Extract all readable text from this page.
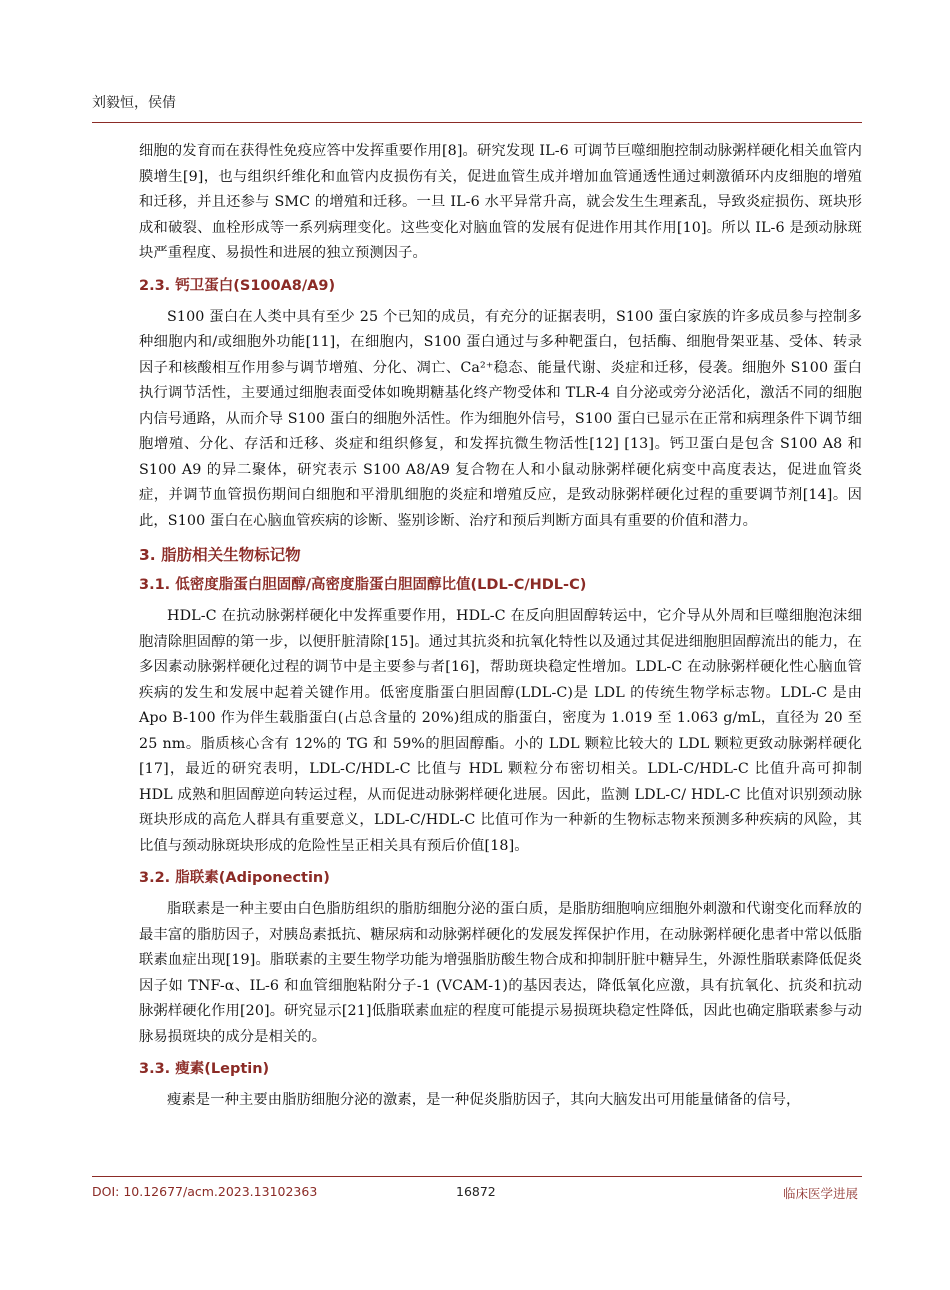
刘毅恒，侯倩

细胞的发育而在获得性免疫应答中发挥重要作用[8]。研究发现 IL-6 可调节巨噬细胞控制动脉粥样硬化相关血管内膜增生[9]，也与组织纤维化和血管内皮损伤有关，促进血管生成并增加血管通透性通过刺激循环内皮细胞的增殖和迁移，并且还参与 SMC 的增殖和迁移。一旦 IL-6 水平异常升高，就会发生生理紊乱，导致炎症损伤、斑块形成和破裂、血栓形成等一系列病理变化。这些变化对脑血管的发展有促进作用其作用[10]。所以 IL-6 是颈动脉斑块严重程度、易损性和进展的独立预测因子。

2.3. 钙卫蛋白(S100A8/A9)

S100 蛋白在人类中具有至少 25 个已知的成员，有充分的证据表明，S100 蛋白家族的许多成员参与控制多种细胞内和/或细胞外功能[11]，在细胞内，S100 蛋白通过与多种靶蛋白，包括酶、细胞骨架亚基、受体、转录因子和核酸相互作用参与调节增殖、分化、凋亡、Ca²⁺稳态、能量代谢、炎症和迁移，侵袭。细胞外 S100 蛋白执行调节活性，主要通过细胞表面受体如晚期糖基化终产物受体和 TLR-4 自分泌或旁分泌活化，激活不同的细胞内信号通路，从而介导 S100 蛋白的细胞外活性。作为细胞外信号，S100 蛋白已显示在正常和病理条件下调节细胞增殖、分化、存活和迁移、炎症和组织修复，和发挥抗微生物活性[12] [13]。钙卫蛋白是包含 S100 A8 和 S100 A9 的异二聚体，研究表示 S100 A8/A9 复合物在人和小鼠动脉粥样硬化病变中高度表达，促进血管炎症，并调节血管损伤期间白细胞和平滑肌细胞的炎症和增殖反应，是致动脉粥样硬化过程的重要调节剂[14]。因此，S100 蛋白在心脑血管疾病的诊断、鉴别诊断、治疗和预后判断方面具有重要的价值和潜力。

3. 脂肪相关生物标记物
3.1. 低密度脂蛋白胆固醇/高密度脂蛋白胆固醇比值(LDL-C/HDL-C)

HDL-C 在抗动脉粥样硬化中发挥重要作用，HDL-C 在反向胆固醇转运中，它介导从外周和巨噬细胞泡沫细胞清除胆固醇的第一步，以便肝脏清除[15]。通过其抗炎和抗氧化特性以及通过其促进细胞胆固醇流出的能力，在多因素动脉粥样硬化过程的调节中是主要参与者[16]，帮助斑块稳定性增加。LDL-C 在动脉粥样硬化性心脑血管疾病的发生和发展中起着关键作用。低密度脂蛋白胆固醇(LDL-C)是 LDL 的传统生物学标志物。LDL-C 是由 Apo B-100 作为伴生载脂蛋白(占总含量的 20%)组成的脂蛋白，密度为 1.019 至 1.063 g/mL，直径为 20 至 25 nm。脂质核心含有 12%的 TG 和 59%的胆固醇酯。小的 LDL 颗粒比较大的 LDL 颗粒更致动脉粥样硬化[17]，最近的研究表明，LDL-C/HDL-C 比值与 HDL 颗粒分布密切相关。LDL-C/HDL-C 比值升高可抑制 HDL 成熟和胆固醇逆向转运过程，从而促进动脉粥样硬化进展。因此，监测 LDL-C/ HDL-C 比值对识别颈动脉斑块形成的高危人群具有重要意义，LDL-C/HDL-C 比值可作为一种新的生物标志物来预测多种疾病的风险，其比值与颈动脉斑块形成的危险性呈正相关具有预后价值[18]。

3.2. 脂联素(Adiponectin)

脂联素是一种主要由白色脂肪组织的脂肪细胞分泌的蛋白质，是脂肪细胞响应细胞外刺激和代谢变化而释放的最丰富的脂肪因子，对胰岛素抵抗、糖尿病和动脉粥样硬化的发展发挥保护作用，在动脉粥样硬化患者中常以低脂联素血症出现[19]。脂联素的主要生物学功能为增强脂肪酸生物合成和抑制肝脏中糖异生，外源性脂联素降低促炎因子如 TNF-α、IL-6 和血管细胞粘附分子-1 (VCAM-1)的基因表达，降低氧化应激，具有抗氧化、抗炎和抗动脉粥样硬化作用[20]。研究显示[21]低脂联素血症的程度可能提示易损斑块稳定性降低，因此也确定脂联素参与动脉易损斑块的成分是相关的。

3.3. 瘦素(Leptin)

瘦素是一种主要由脂肪细胞分泌的激素，是一种促炎脂肪因子，其向大脑发出可用能量储备的信号，

DOI: 10.12677/acm.2023.13102363	16872	临床医学进展
